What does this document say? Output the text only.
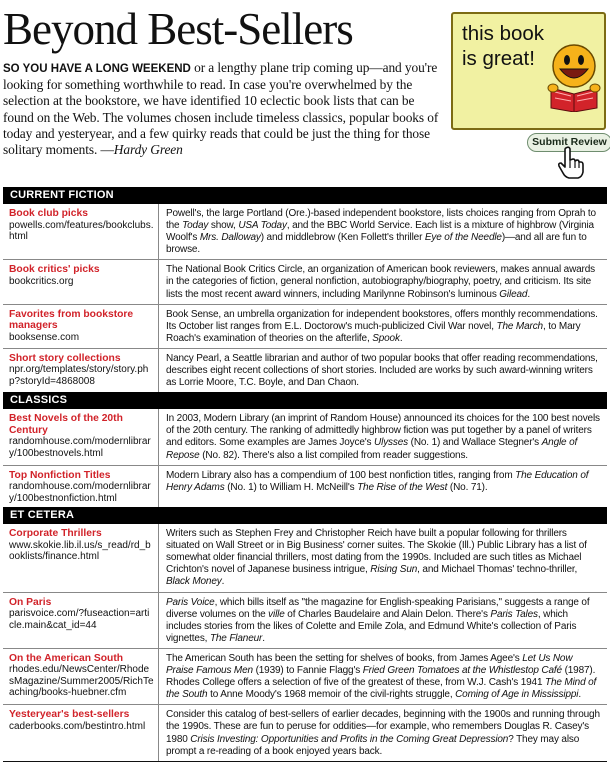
Beyond Best-Sellers

SO YOU HAVE A LONG WEEKEND or a lengthy plane trip coming up—and you're looking for something worthwhile to read. In case you're overwhelmed by the selection at the bookstore, we have identified 10 eclectic book lists that can be found on the Web. The volumes chosen include timeless classics, popular books of today and yesteryear, and a few quirky reads that could be just the thing for those solitary moments. —Hardy Green

this book is great!
Submit Review
CURRENT FICTION
Book club picks
powells.com/features/bookclubs.html
Powell's, the large Portland (Ore.)-based independent bookstore, lists choices ranging from Oprah to the Today show, USA Today, and the BBC World Service. Each list is a mixture of highbrow (Virginia Woolf's Mrs. Dalloway) and middlebrow (Ken Follett's thriller Eye of the Needle)—and all are fun to browse.
Book critics' picks
bookcritics.org
The National Book Critics Circle, an organization of American book reviewers, makes annual awards in the categories of fiction, general nonfiction, autobiography/biography, poetry, and criticism. Its site lists the most recent award winners, including Marilynne Robinson's luminous Gilead.
Favorites from bookstore managers
booksense.com
Book Sense, an umbrella organization for independent bookstores, offers monthly recommendations. Its October list ranges from E.L. Doctorow's much-publicized Civil War novel, The March, to Mary Roach's examination of theories on the afterlife, Spook.
Short story collections
npr.org/templates/story/story.php?storyId=4868008
Nancy Pearl, a Seattle librarian and author of two popular books that offer reading recommendations, describes eight recent collections of short stories. Included are works by such award-winning writers as Lorrie Moore, T.C. Boyle, and Dan Chaon.
CLASSICS
Best Novels of the 20th Century
randomhouse.com/modernlibrary/100bestnovels.html
In 2003, Modern Library (an imprint of Random House) announced its choices for the 100 best novels of the 20th century. The ranking of admittedly highbrow fiction was put together by a panel of writers and editors. Some examples are James Joyce's Ulysses (No. 1) and Wallace Stegner's Angle of Repose (No. 82). There's also a list compiled from reader suggestions.
Top Nonfiction Titles
randomhouse.com/modernlibrary/100bestnonfiction.html
Modern Library also has a compendium of 100 best nonfiction titles, ranging from The Education of Henry Adams (No. 1) to William H. McNeill's The Rise of the West (No. 71).
ET CETERA
Corporate Thrillers
www.skokie.lib.il.us/s_read/rd_booklists/finance.html
Writers such as Stephen Frey and Christopher Reich have built a popular following for thrillers situated on Wall Street or in Big Business' corner suites. The Skokie (Ill.) Public Library has a list of somewhat older financial thrillers, most dating from the 1990s. Included are such titles as Michael Crichton's novel of Japanese business intrigue, Rising Sun, and Michael Thomas' techno-thriller, Black Money.
On Paris
parisvoice.com/?fuseaction=article.main&cat_id=44
Paris Voice, which bills itself as "the magazine for English-speaking Parisians," suggests a range of diverse volumes on the ville of Charles Baudelaire and Alain Delon. There's Paris Tales, which includes stories from the likes of Colette and Emile Zola, and Edmund White's collection of Paris vignettes, The Flaneur.
On the American South
rhodes.edu/NewsCenter/RhodesMagazine/Summer2005/RichTeaching/books-huebner.cfm
The American South has been the setting for shelves of books, from James Agee's Let Us Now Praise Famous Men (1939) to Fannie Flagg's Fried Green Tomatoes at the Whistlestop Café (1987). Rhodes College offers a selection of five of the greatest of these, from W.J. Cash's 1941 The Mind of the South to Anne Moody's 1968 memoir of the civil-rights struggle, Coming of Age in Mississippi.
Yesteryear's best-sellers
caderbooks.com/bestintro.html
Consider this catalog of best-sellers of earlier decades, beginning with the 1900s and running through the 1990s. These are fun to peruse for oddities—for example, who remembers Douglas R. Casey's 1980 Crisis Investing: Opportunities and Profits in the Coming Great Depression? They may also prompt a re-reading of a book enjoyed years back.
